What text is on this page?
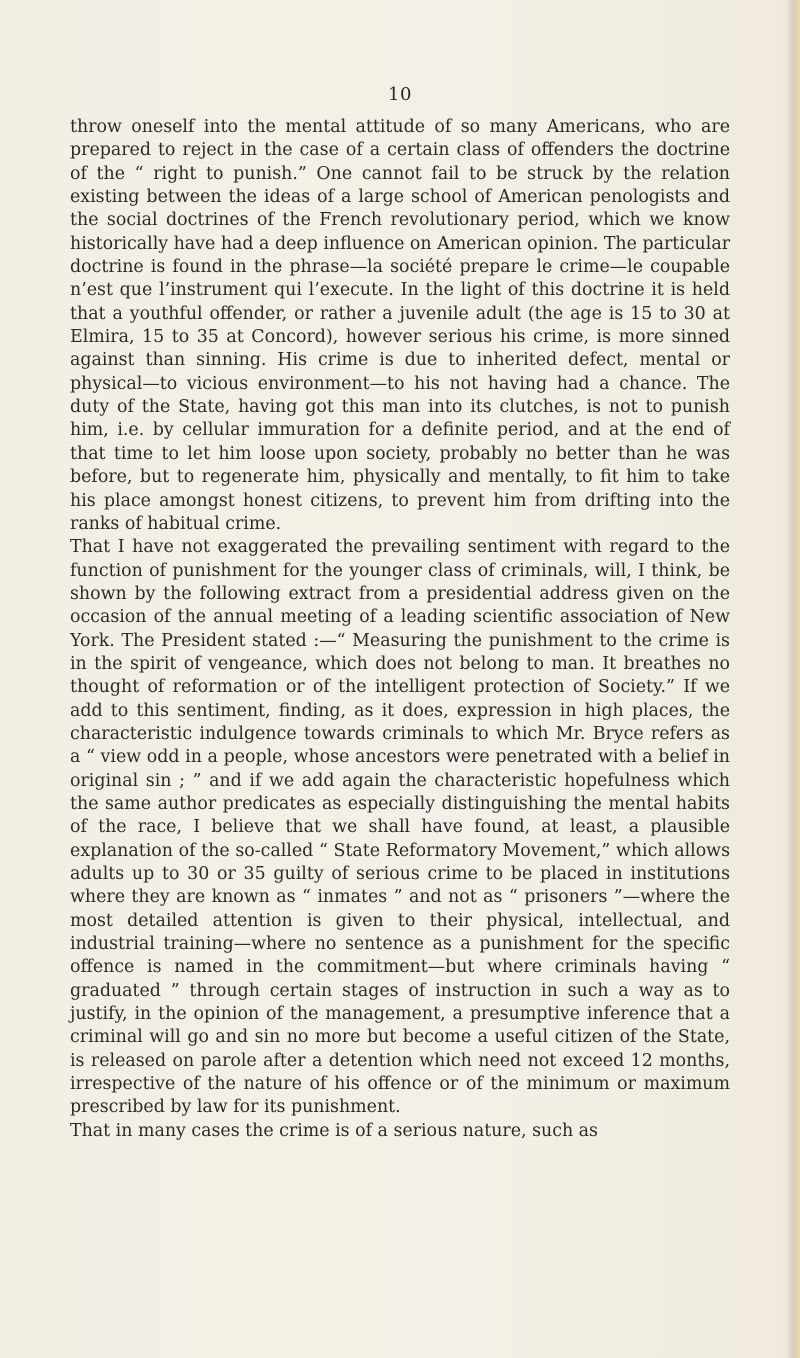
10

throw oneself into the mental attitude of so many Americans, who are prepared to reject in the case of a certain class of offenders the doctrine of the “ right to punish.” One cannot fail to be struck by the relation existing between the ideas of a large school of American penologists and the social doctrines of the French revolutionary period, which we know historically have had a deep influence on American opinion. The particular doctrine is found in the phrase—la société prepare le crime—le coupable n’est que l’instrument qui l’execute. In the light of this doctrine it is held that a youthful offender, or rather a juvenile adult (the age is 15 to 30 at Elmira, 15 to 35 at Concord), however serious his crime, is more sinned against than sinning. His crime is due to inherited defect, mental or physical—to vicious environment—to his not having had a chance. The duty of the State, having got this man into its clutches, is not to punish him, i.e. by cellular immuration for a definite period, and at the end of that time to let him loose upon society, probably no better than he was before, but to regenerate him, physically and mentally, to fit him to take his place amongst honest citizens, to prevent him from drifting into the ranks of habitual crime.

That I have not exaggerated the prevailing sentiment with regard to the function of punishment for the younger class of criminals, will, I think, be shown by the following extract from a presidential address given on the occasion of the annual meeting of a leading scientific association of New York. The President stated :—“ Measuring the punishment to the crime is in the spirit of vengeance, which does not belong to man. It breathes no thought of reformation or of the intelligent protection of Society.” If we add to this sentiment, finding, as it does, expression in high places, the characteristic indulgence towards criminals to which Mr. Bryce refers as a “ view odd in a people, whose ancestors were penetrated with a belief in original sin ; ” and if we add again the characteristic hopefulness which the same author predicates as especially distinguishing the mental habits of the race, I believe that we shall have found, at least, a plausible explanation of the so-called “ State Reformatory Movement,” which allows adults up to 30 or 35 guilty of serious crime to be placed in institutions where they are known as “ inmates ” and not as “ prisoners ”—where the most detailed attention is given to their physical, intellectual, and industrial training—where no sentence as a punishment for the specific offence is named in the commitment—but where criminals having “ graduated ” through certain stages of instruction in such a way as to justify, in the opinion of the management, a presumptive inference that a criminal will go and sin no more but become a useful citizen of the State, is released on parole after a detention which need not exceed 12 months, irrespective of the nature of his offence or of the minimum or maximum prescribed by law for its punishment.

That in many cases the crime is of a serious nature, such as
